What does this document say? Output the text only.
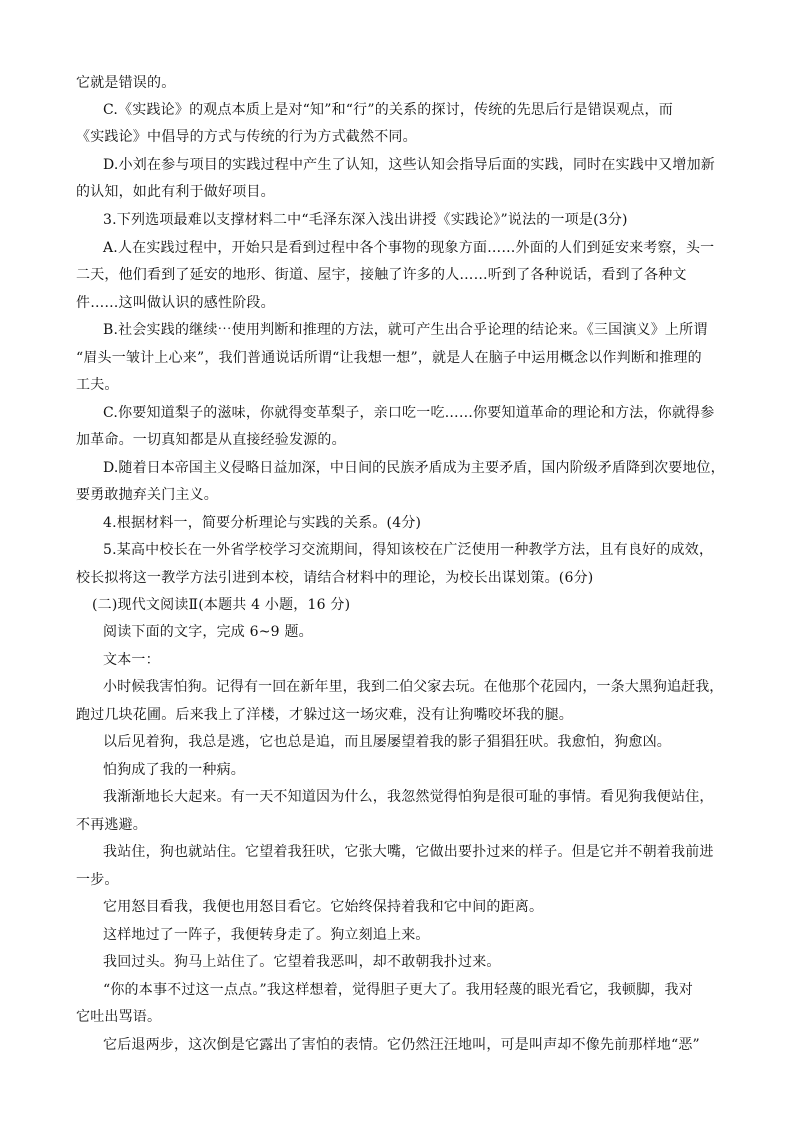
它就是错误的。
C.《实践论》的观点本质上是对“知”和“行”的关系的探讨，传统的先思后行是错误观点，而
《实践论》中倡导的方式与传统的行为方式截然不同。
D.小刘在参与项目的实践过程中产生了认知，这些认知会指导后面的实践，同时在实践中又增加新
的认知，如此有利于做好项目。
3.下列选项最难以支撑材料二中“毛泽东深入浅出讲授《实践论》”说法的一项是(3分)
A.人在实践过程中，开始只是看到过程中各个事物的现象方面……外面的人们到延安来考察，头一
二天，他们看到了延安的地形、街道、屋宇，接触了许多的人……听到了各种说话，看到了各种文
件……这叫做认识的感性阶段。
B.社会实践的继续⋯使用判断和推理的方法，就可产生出合乎论理的结论来。《三国演义》上所谓
“眉头一皱计上心来”，我们普通说话所谓“让我想一想”，就是人在脑子中运用概念以作判断和推理的
工夫。
C.你要知道梨子的滋味，你就得变革梨子，亲口吃一吃……你要知道革命的理论和方法，你就得参
加革命。一切真知都是从直接经验发源的。
D.随着日本帝国主义侵略日益加深，中日间的民族矛盾成为主要矛盾，国内阶级矛盾降到次要地位，
要勇敢抛弃关门主义。
4.根据材料一，简要分析理论与实践的关系。(4分)
5.某高中校长在一外省学校学习交流期间，得知该校在广泛使用一种教学方法，且有良好的成效，
校长拟将这一教学方法引进到本校，请结合材料中的理论，为校长出谋划策。(6分)
(二)现代文阅读Ⅱ(本题共 4 小题，16 分)
阅读下面的文字，完成 6~9 题。
文本一：
小时候我害怕狗。记得有一回在新年里，我到二伯父家去玩。在他那个花园内，一条大黑狗追赶我，
跑过几块花圃。后来我上了洋楼，才躲过这一场灾难，没有让狗嘴咬坏我的腿。
以后见着狗，我总是逃，它也总是追，而且屡屡望着我的影子猖猖狂吠。我愈怕，狗愈凶。
怕狗成了我的一种病。
我渐渐地长大起来。有一天不知道因为什么，我忽然觉得怕狗是很可耻的事情。看见狗我便站住，
不再逃避。
我站住，狗也就站住。它望着我狂吠，它张大嘴，它做出要扑过来的样子。但是它并不朝着我前进
一步。
它用怒目看我，我便也用怒目看它。它始终保持着我和它中间的距离。
这样地过了一阵子，我便转身走了。狗立刻追上来。
我回过头。狗马上站住了。它望着我恶叫，却不敢朝我扑过来。
“你的本事不过这一点点。”我这样想着，觉得胆子更大了。我用轻蔑的眼光看它，我顿脚，我对
它吐出骂语。
它后退两步，这次倒是它露出了害怕的表情。它仍然汪汪地叫，可是叫声却不像先前那样地“恶”
